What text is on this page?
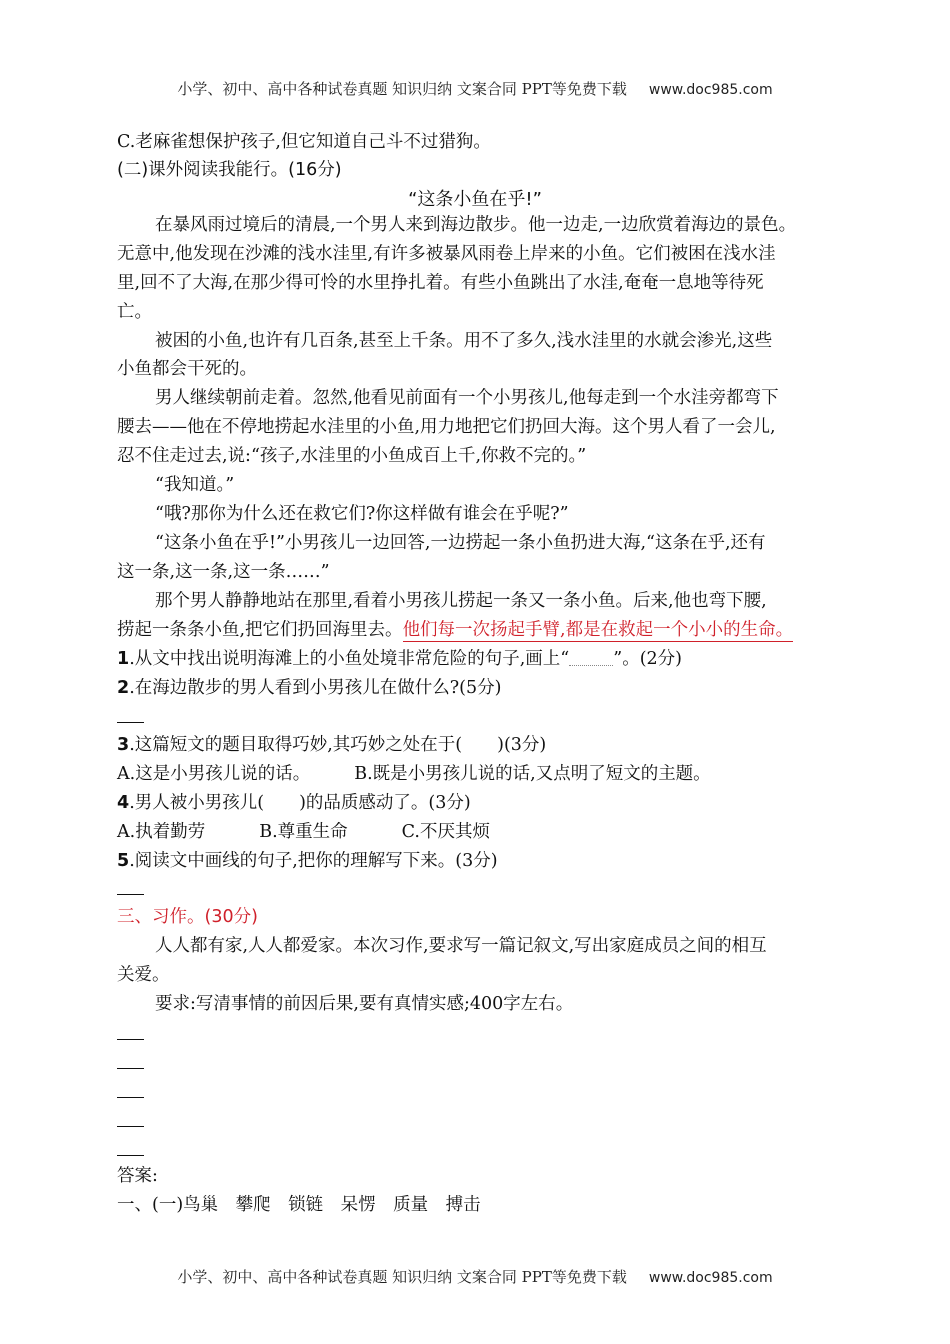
小学、初中、高中各种试卷真题 知识归纳 文案合同 PPT等免费下载 www.doc985.com
C.老麻雀想保护孩子,但它知道自己斗不过猎狗。
(二)课外阅读我能行。(16分)
“这条小鱼在乎!”
在暴风雨过境后的清晨,一个男人来到海边散步。他一边走,一边欣赏着海边的景色。
无意中,他发现在沙滩的浅水洼里,有许多被暴风雨卷上岸来的小鱼。它们被困在浅水洼
里,回不了大海,在那少得可怜的水里挣扎着。有些小鱼跳出了水洼,奄奄一息地等待死
亡。
被困的小鱼,也许有几百条,甚至上千条。用不了多久,浅水洼里的水就会渗光,这些
小鱼都会干死的。
男人继续朝前走着。忽然,他看见前面有一个小男孩儿,他每走到一个水洼旁都弯下
腰去——他在不停地捞起水洼里的小鱼,用力地把它们扔回大海。这个男人看了一会儿,
忍不住走过去,说:“孩子,水洼里的小鱼成百上千,你救不完的。”
“我知道。”
“哦?那你为什么还在救它们?你这样做有谁会在乎呢?”
“这条小鱼在乎!”小男孩儿一边回答,一边捞起一条小鱼扔进大海,“这条在乎,还有
这一条,这一条,这一条……”
那个男人静静地站在那里,看着小男孩儿捞起一条又一条小鱼。后来,他也弯下腰,
捞起一条条小鱼,把它们扔回海里去。他们每一次扬起手臂,都是在救起一个小小的生命。
1.从文中找出说明海滩上的小鱼处境非常危险的句子,画上“	”。(2分)
2.在海边散步的男人看到小男孩儿在做什么?(5分)
3.这篇短文的题目取得巧妙,其巧妙之处在于(　　)(3分)
A.这是小男孩儿说的话。	B.既是小男孩儿说的话,又点明了短文的主题。
4.男人被小男孩儿(　　)的品质感动了。(3分)
A.执着勤劳	B.尊重生命	C.不厌其烦
5.阅读文中画线的句子,把你的理解写下来。(3分)
三、习作。(30分)
人人都有家,人人都爱家。本次习作,要求写一篇记叙文,写出家庭成员之间的相互
关爱。
要求:写清事情的前因后果,要有真情实感;400字左右。
答案:
一、(一)鸟巢　攀爬　锁链　呆愣　质量　搏击
小学、初中、高中各种试卷真题 知识归纳 文案合同 PPT等免费下载 www.doc985.com
